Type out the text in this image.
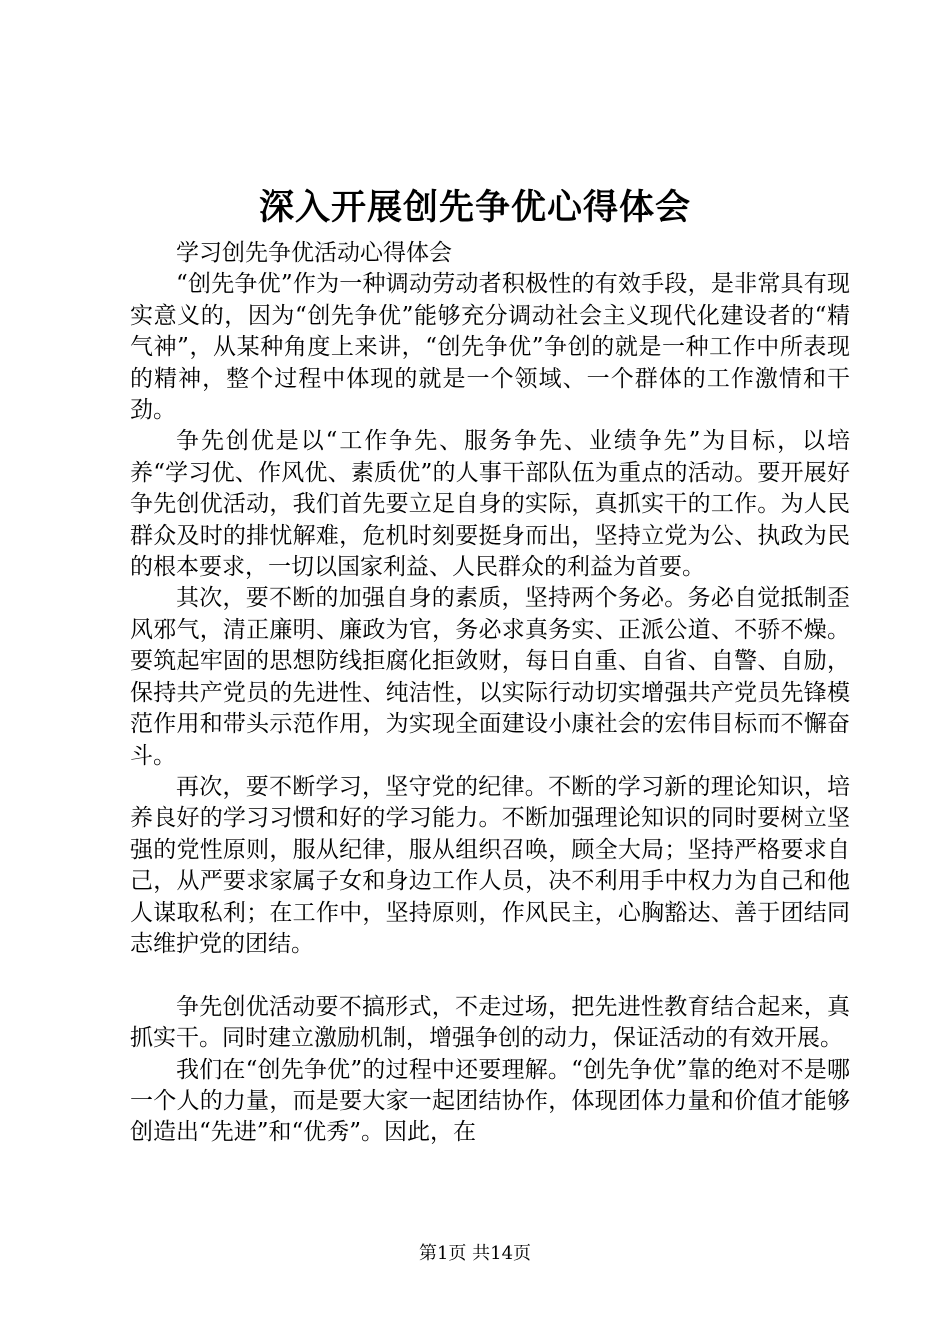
深入开展创先争优心得体会

学习创先争优活动心得体会

“创先争优”作为一种调动劳动者积极性的有效手段，是非常具有现实意义的，因为“创先争优”能够充分调动社会主义现代化建设者的“精气神”，从某种角度上来讲，“创先争优”争创的就是一种工作中所表现的精神，整个过程中体现的就是一个领域、一个群体的工作激情和干劲。

争先创优是以“工作争先、服务争先、业绩争先”为目标，以培养“学习优、作风优、素质优”的人事干部队伍为重点的活动。要开展好争先创优活动，我们首先要立足自身的实际，真抓实干的工作。为人民群众及时的排忧解难，危机时刻要挺身而出，坚持立党为公、执政为民的根本要求，一切以国家利益、人民群众的利益为首要。

其次，要不断的加强自身的素质，坚持两个务必。务必自觉抵制歪风邪气，清正廉明、廉政为官，务必求真务实、正派公道、不骄不燥。要筑起牢固的思想防线拒腐化拒敛财，每日自重、自省、自警、自励，保持共产党员的先进性、纯洁性，以实际行动切实增强共产党员先锋模范作用和带头示范作用，为实现全面建设小康社会的宏伟目标而不懈奋斗。

再次，要不断学习，坚守党的纪律。不断的学习新的理论知识，培养良好的学习习惯和好的学习能力。不断加强理论知识的同时要树立坚强的党性原则，服从纪律，服从组织召唤，顾全大局；坚持严格要求自己，从严要求家属子女和身边工作人员，决不利用手中权力为自己和他人谋取私利；在工作中，坚持原则，作风民主，心胸豁达、善于团结同志维护党的团结。

争先创优活动要不搞形式，不走过场，把先进性教育结合起来，真抓实干。同时建立激励机制，增强争创的动力，保证活动的有效开展。

我们在“创先争优”的过程中还要理解。“创先争优”靠的绝对不是哪一个人的力量，而是要大家一起团结协作，体现团体力量和价值才能够创造出“先进”和“优秀”。因此，在

第1页 共14页
